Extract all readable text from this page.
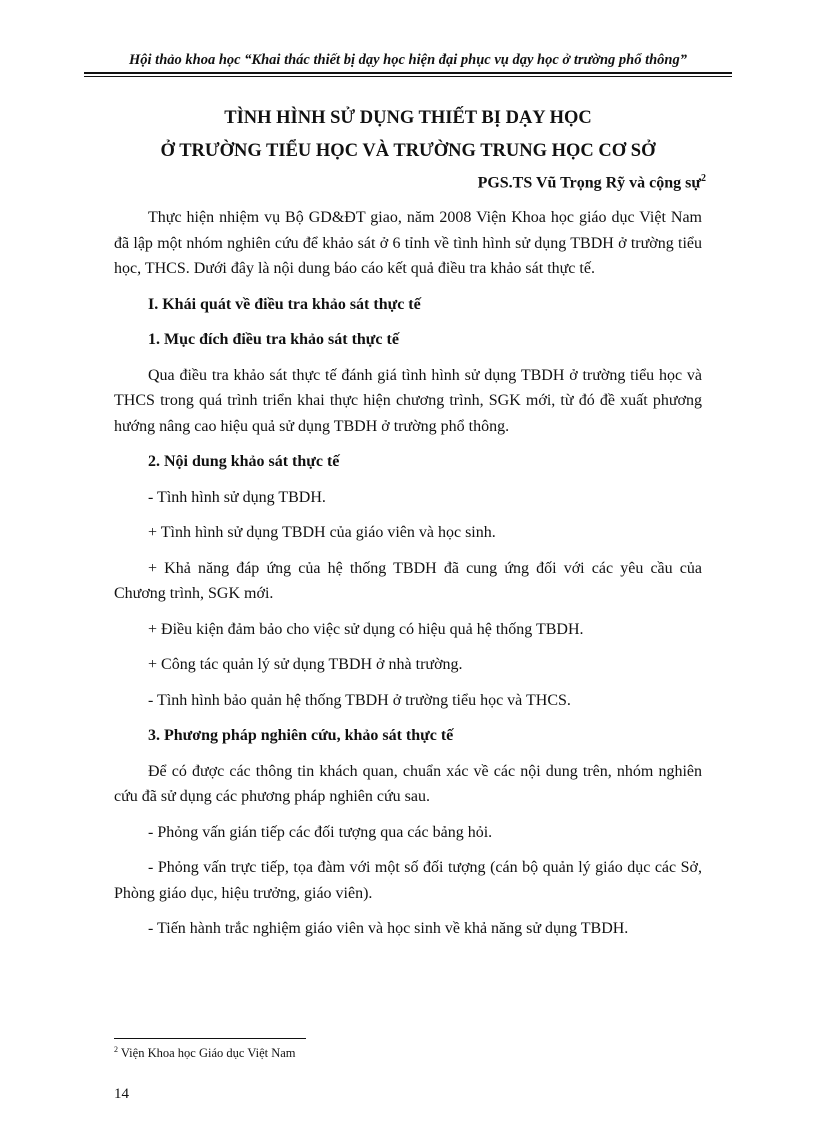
Hội thảo khoa học “Khai thác thiết bị dạy học hiện đại phục vụ dạy học ở trường phổ thông”
TÌNH HÌNH SỬ DỤNG THIẾT BỊ DẠY HỌC
Ở TRƯỜNG TIỂU HỌC VÀ TRƯỜNG TRUNG HỌC CƠ SỞ
PGS.TS Vũ Trọng Rỹ và cộng sự$^2$

Thực hiện nhiệm vụ Bộ GD&ĐT giao, năm 2008 Viện Khoa học giáo dục Việt Nam đã lập một nhóm nghiên cứu để khảo sát ở 6 tỉnh về tình hình sử dụng TBDH ở trường tiểu học, THCS. Dưới đây là nội dung báo cáo kết quả điều tra khảo sát thực tế.

I. Khái quát về điều tra khảo sát thực tế

1. Mục đích điều tra khảo sát thực tế

Qua điều tra khảo sát thực tế đánh giá tình hình sử dụng TBDH ở trường tiểu học và THCS trong quá trình triển khai thực hiện chương trình, SGK mới, từ đó đề xuất phương hướng nâng cao hiệu quả sử dụng TBDH ở trường phổ thông.

2. Nội dung khảo sát thực tế

- Tình hình sử dụng TBDH.

+ Tình hình sử dụng TBDH của giáo viên và học sinh.

+ Khả năng đáp ứng của hệ thống TBDH đã cung ứng đối với các yêu cầu của Chương trình, SGK mới.

+ Điều kiện đảm bảo cho việc sử dụng có hiệu quả hệ thống TBDH.

+ Công tác quản lý sử dụng TBDH ở nhà trường.

- Tình hình bảo quản hệ thống TBDH ở trường tiểu học và THCS.

3. Phương pháp nghiên cứu, khảo sát thực tế

Để có được các thông tin khách quan, chuẩn xác về các nội dung trên, nhóm nghiên cứu đã sử dụng các phương pháp nghiên cứu sau.

- Phỏng vấn gián tiếp các đối tượng qua các bảng hỏi.

- Phỏng vấn trực tiếp, tọa đàm với một số đối tượng (cán bộ quản lý giáo dục các Sở, Phòng giáo dục, hiệu trưởng, giáo viên).

- Tiến hành trắc nghiệm giáo viên và học sinh về khả năng sử dụng TBDH.

$^2$ Viện Khoa học Giáo dục Việt Nam
14
